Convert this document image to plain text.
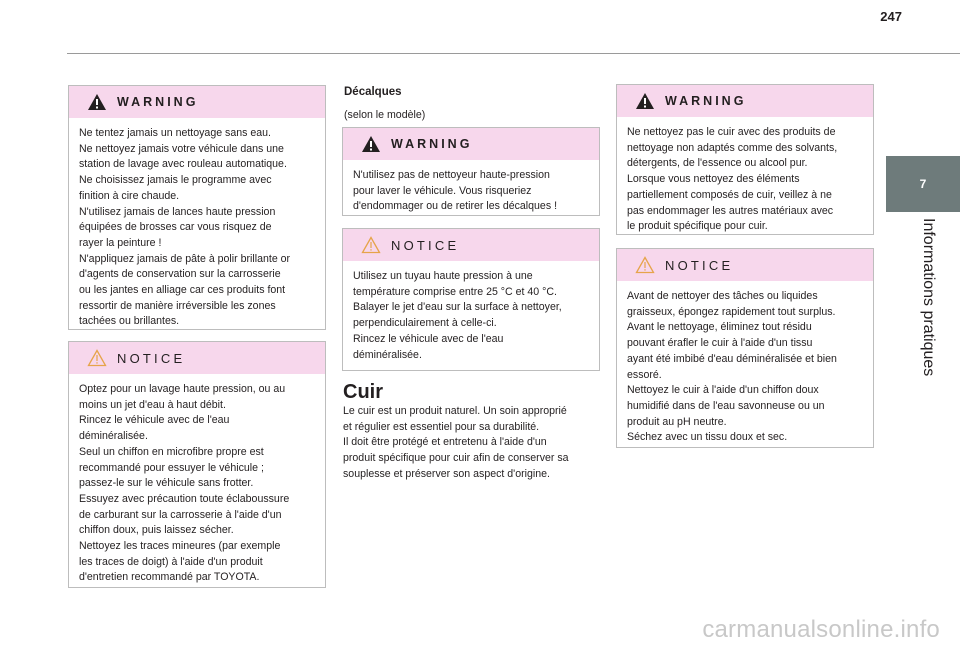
247
7
Informations pratiques
WARNING

Ne tentez jamais un nettoyage sans eau.
Ne nettoyez jamais votre véhicule dans une
station de lavage avec rouleau automatique.
Ne choisissez jamais le programme avec
finition à cire chaude.
N'utilisez jamais de lances haute pression
équipées de brosses car vous risquez de
rayer la peinture !
N'appliquez jamais de pâte à polir brillante or
d'agents de conservation sur la carrosserie
ou les jantes en alliage car ces produits font
ressortir de manière irréversible les zones
tachées ou brillantes.

NOTICE

Optez pour un lavage haute pression, ou au
moins un jet d'eau à haut débit.
Rincez le véhicule avec de l'eau
déminéralisée.
Seul un chiffon en microfibre propre est
recommandé pour essuyer le véhicule ;
passez-le sur le véhicule sans frotter.
Essuyez avec précaution toute éclaboussure
de carburant sur la carrosserie à l'aide d'un
chiffon doux, puis laissez sécher.
Nettoyez les traces mineures (par exemple
les traces de doigt) à l'aide d'un produit
d'entretien recommandé par TOYOTA.

Décalques
(selon le modèle)
WARNING

N'utilisez pas de nettoyeur haute-pression
pour laver le véhicule. Vous risqueriez
d'endommager ou de retirer les décalques !

NOTICE

Utilisez un tuyau haute pression à une
température comprise entre 25 °C et 40 °C.
Balayer le jet d'eau sur la surface à nettoyer,
perpendiculairement à celle-ci.
Rincez le véhicule avec de l'eau
déminéralisée.

Cuir
Le cuir est un produit naturel. Un soin approprié
et régulier est essentiel pour sa durabilité.
Il doit être protégé et entretenu à l'aide d'un
produit spécifique pour cuir afin de conserver sa
souplesse et préserver son aspect d'origine.
WARNING

Ne nettoyez pas le cuir avec des produits de
nettoyage non adaptés comme des solvants,
détergents, de l'essence ou alcool pur.
Lorsque vous nettoyez des éléments
partiellement composés de cuir, veillez à ne
pas endommager les autres matériaux avec
le produit spécifique pour cuir.

NOTICE

Avant de nettoyer des tâches ou liquides
graisseux, épongez rapidement tout surplus.
Avant le nettoyage, éliminez tout résidu
pouvant érafler le cuir à l'aide d'un tissu
ayant été imbibé d'eau déminéralisée et bien
essoré.
Nettoyez le cuir à l'aide d'un chiffon doux
humidifié dans de l'eau savonneuse ou un
produit au pH neutre.
Séchez avec un tissu doux et sec.

carmanualsonline.info
